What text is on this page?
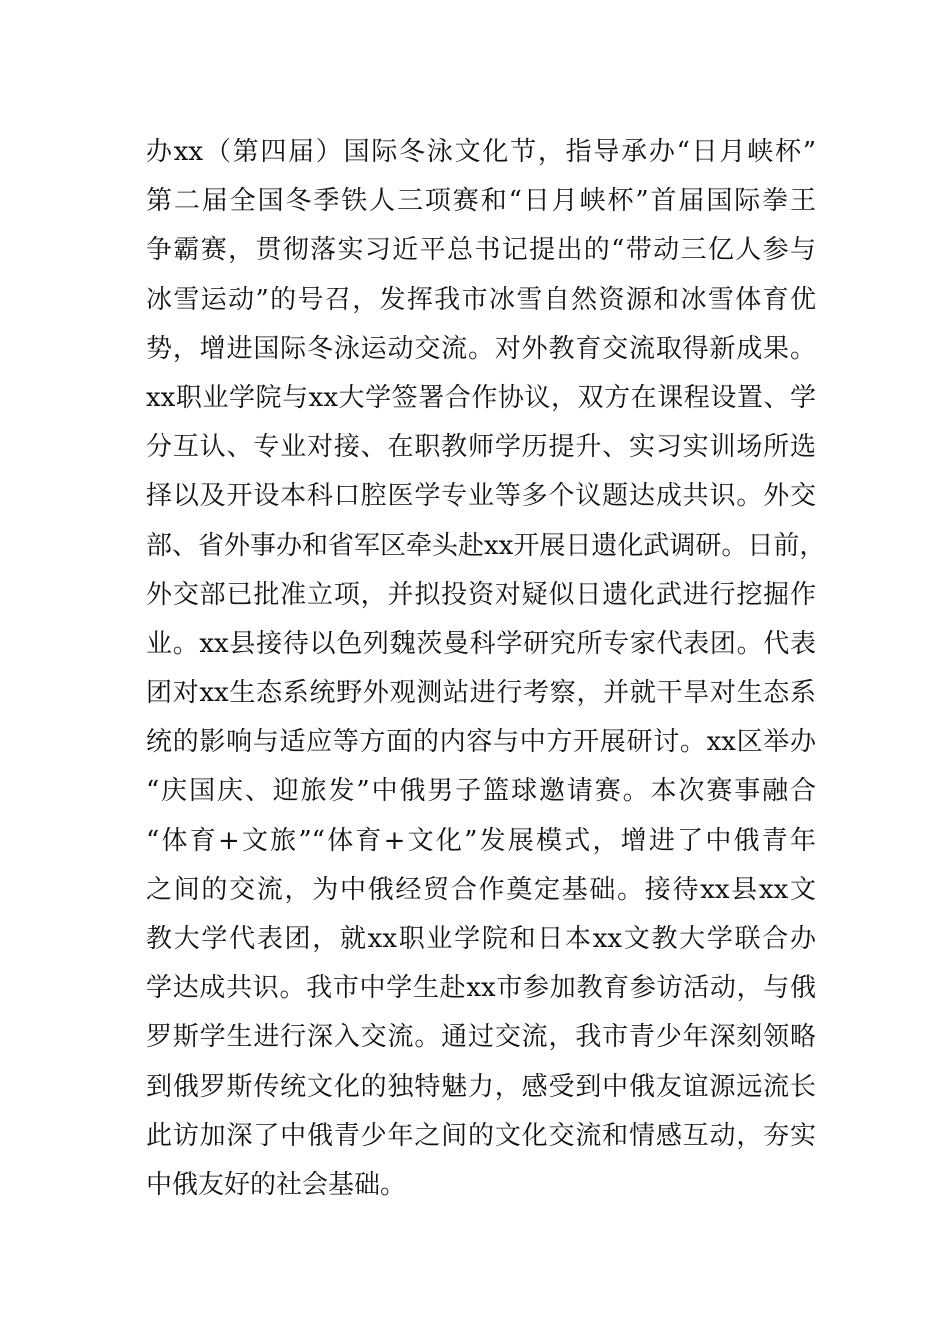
办xx（第四届）国际冬泳文化节，指导承办“日月峡杯”
第二届全国冬季铁人三项赛和“日月峡杯”首届国际拳王
争霸赛，贯彻落实习近平总书记提出的“带动三亿人参与
冰雪运动”的号召，发挥我市冰雪自然资源和冰雪体育优
势，增进国际冬泳运动交流。对外教育交流取得新成果。
xx职业学院与xx大学签署合作协议，双方在课程设置、学
分互认、专业对接、在职教师学历提升、实习实训场所选
择以及开设本科口腔医学专业等多个议题达成共识。外交
部、省外事办和省军区牵头赴xx开展日遗化武调研。日前，
外交部已批准立项，并拟投资对疑似日遗化武进行挖掘作
业。xx县接待以色列魏茨曼科学研究所专家代表团。代表
团对xx生态系统野外观测站进行考察，并就干旱对生态系
统的影响与适应等方面的内容与中方开展研讨。xx区举办
“庆国庆、迎旅发”中俄男子篮球邀请赛。本次赛事融合
“体育+文旅”“体育+文化”发展模式，增进了中俄青年
之间的交流，为中俄经贸合作奠定基础。接待xx县xx文
教大学代表团，就xx职业学院和日本xx文教大学联合办
学达成共识。我市中学生赴xx市参加教育参访活动，与俄
罗斯学生进行深入交流。通过交流，我市青少年深刻领略
到俄罗斯传统文化的独特魅力，感受到中俄友谊源远流长
此访加深了中俄青少年之间的文化交流和情感互动，夯实
中俄友好的社会基础。
